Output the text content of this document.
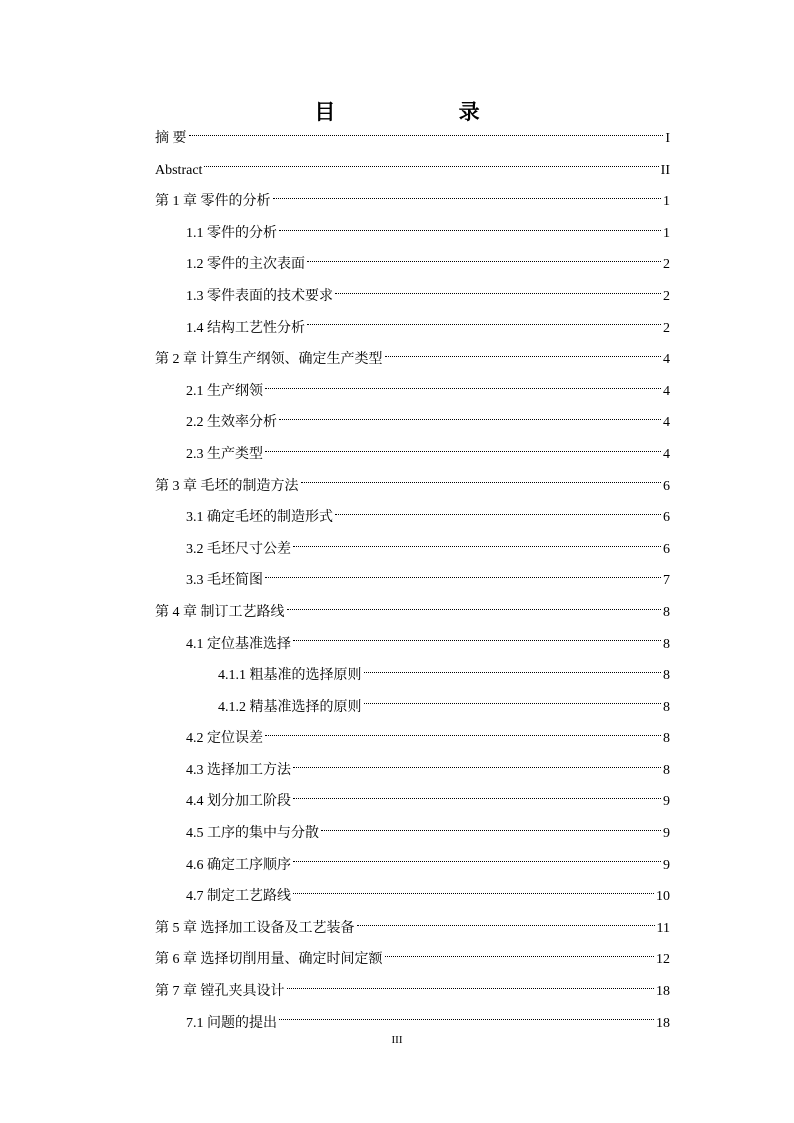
目 录
摘 要	I
Abstract	II
第 1 章 零件的分析	1
1.1 零件的分析	1
1.2 零件的主次表面	2
1.3 零件表面的技术要求	2
1.4 结构工艺性分析	2
第 2 章 计算生产纲领、确定生产类型	4
2.1 生产纲领	4
2.2 生效率分析	4
2.3 生产类型	4
第 3 章 毛坯的制造方法	6
3.1 确定毛坯的制造形式	6
3.2 毛坯尺寸公差	6
3.3 毛坯简图	7
第 4 章 制订工艺路线	8
4.1 定位基准选择	8
4.1.1 粗基准的选择原则	8
4.1.2 精基准选择的原则	8
4.2 定位误差	8
4.3 选择加工方法	8
4.4 划分加工阶段	9
4.5 工序的集中与分散	9
4.6 确定工序顺序	9
4.7 制定工艺路线	10
第 5 章 选择加工设备及工艺装备	11
第 6 章 选择切削用量、确定时间定额	12
第 7 章 镗孔夹具设计	18
7.1 问题的提出	18
III
